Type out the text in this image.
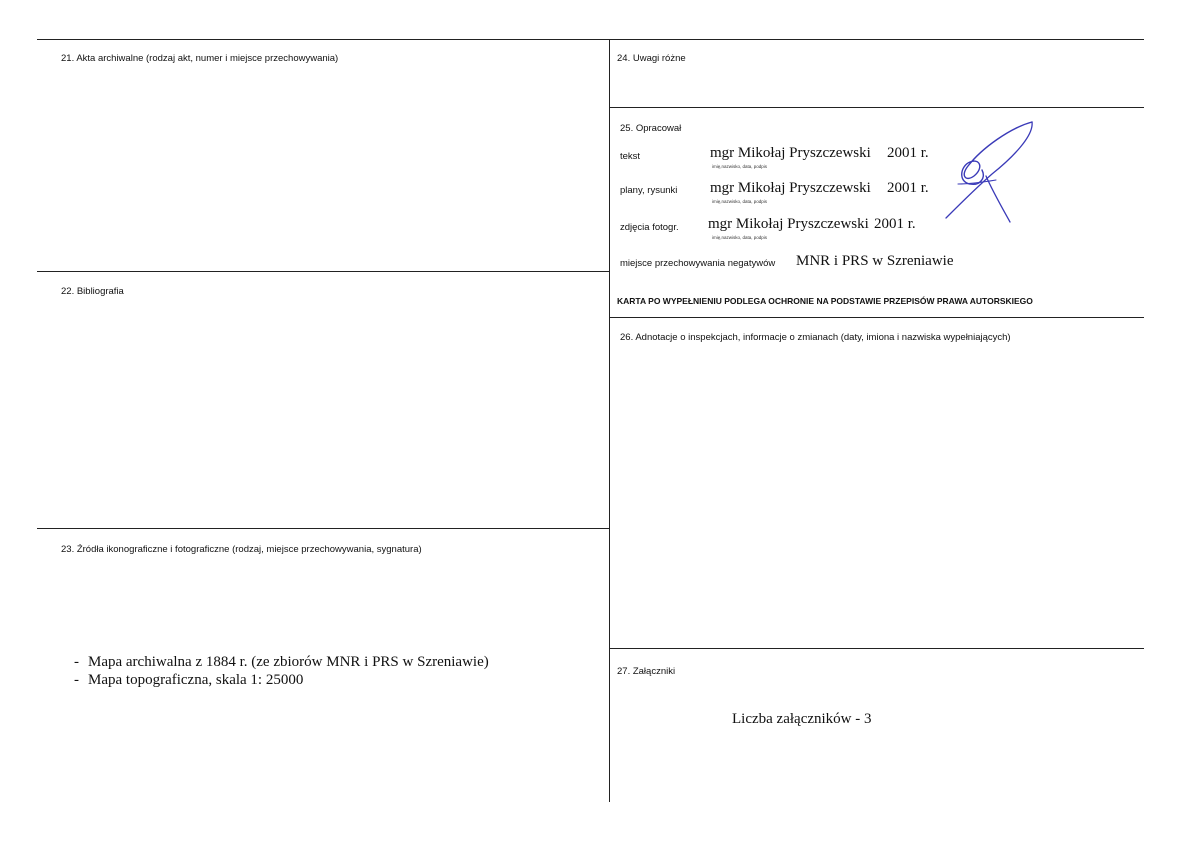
21. Akta archiwalne (rodzaj akt, numer i miejsce przechowywania)
22. Bibliografia
23. Źródła ikonograficzne i fotograficzne (rodzaj, miejsce przechowywania, sygnatura)
- Mapa archiwalna z 1884 r. (ze zbiorów MNR i PRS w Szreniawie)
- Mapa topograficzna, skala 1: 25000
24. Uwagi różne
25. Opracował
tekst	mgr Mikołaj Pryszczewski 2001 r.
imię,nazwisko, data, podpis
plany, rysunki mgr Mikołaj Pryszczewski 2001 r.
imię,nazwisko, data, podpis
zdjęcia fotogr. mgr Mikołaj Pryszczewski 2001 r.
imię,nazwisko, data, podpis
miejsce przechowywania negatywów MNR i PRS w Szreniawie
KARTA PO WYPEŁNIENIU PODLEGA OCHRONIE NA PODSTAWIE PRZEPISÓW PRAWA AUTORSKIEGO
26. Adnotacje o inspekcjach, informacje o zmianach (daty, imiona i nazwiska wypełniających)
27. Załączniki
Liczba załączników - 3
